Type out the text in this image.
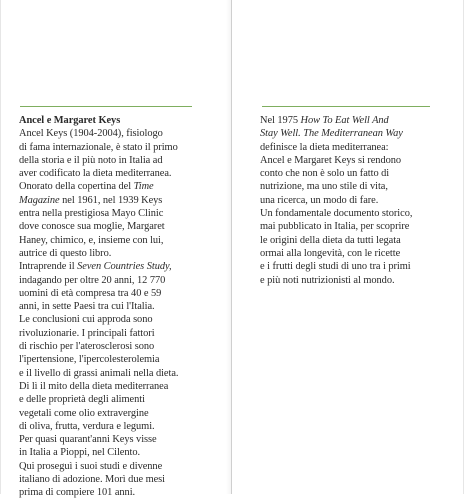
Ancel e Margaret Keys
Ancel Keys (1904-2004), fisiologo
di fama internazionale, è stato il primo
della storia e il più noto in Italia ad
aver codificato la dieta mediterranea.
Onorato della copertina del Time
Magazine nel 1961, nel 1939 Keys
entra nella prestigiosa Mayo Clinic
dove conosce sua moglie, Margaret
Haney, chimico, e, insieme con lui,
autrice di questo libro.
Intraprende il Seven Countries Study,
indagando per oltre 20 anni, 12 770
uomini di età compresa tra 40 e 59
anni, in sette Paesi tra cui l'Italia.
Le conclusioni cui approda sono
rivoluzionarie. I principali fattori
di rischio per l'aterosclerosi sono
l'ipertensione, l'ipercolesterolemia
e il livello di grassi animali nella dieta.
Di lì il mito della dieta mediterranea
e delle proprietà degli alimenti
vegetali come olio extravergine
di oliva, frutta, verdura e legumi.
Per quasi quarant'anni Keys visse
in Italia a Pioppi, nel Cilento.
Qui proseguì i suoi studi e divenne
italiano di adozione. Morì due mesi
prima di compiere 101 anni.
Nel 1975 How To Eat Well And
Stay Well. The Mediterranean Way
definisce la dieta mediterranea:
Ancel e Margaret Keys si rendono
conto che non è solo un fatto di
nutrizione, ma uno stile di vita,
una ricerca, un modo di fare.
Un fondamentale documento storico,
mai pubblicato in Italia, per scoprire
le origini della dieta da tutti legata
ormai alla longevità, con le ricette
e i frutti degli studi di uno tra i primi
e più noti nutrizionisti al mondo.
